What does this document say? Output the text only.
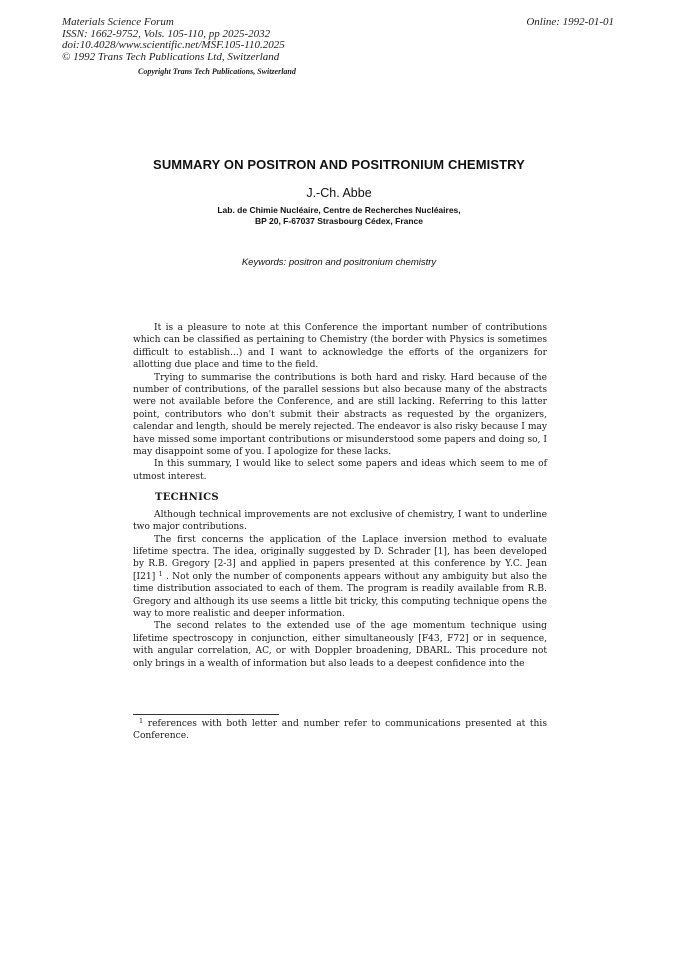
Materials Science Forum
ISSN: 1662-9752, Vols. 105-110, pp 2025-2032
doi:10.4028/www.scientific.net/MSF.105-110.2025
© 1992 Trans Tech Publications Ltd, Switzerland
Online: 1992-01-01
Copyright Trans Tech Publications, Switzerland
SUMMARY ON POSITRON AND POSITRONIUM CHEMISTRY
J.-Ch. Abbe
Lab. de Chimie Nucléaire, Centre de Recherches Nucléaires,
BP 20, F-67037 Strasbourg Cédex, France
Keywords: positron and positronium chemistry

It is a pleasure to note at this Conference the important number of contributions which can be classified as pertaining to Chemistry (the border with Physics is sometimes difficult to establish...) and I want to acknowledge the efforts of the organizers for allotting due place and time to the field.

Trying to summarise the contributions is both hard and risky. Hard because of the number of contributions, of the parallel sessions but also because many of the abstracts were not available before the Conference, and are still lacking. Referring to this latter point, contributors who don't submit their abstracts as requested by the organizers, calendar and length, should be merely rejected. The endeavor is also risky because I may have missed some important contributions or misunderstood some papers and doing so, I may disappoint some of you. I apologize for these lacks.

In this summary, I would like to select some papers and ideas which seem to me of utmost interest.

TECHNICS

Although technical improvements are not exclusive of chemistry, I want to underline two major contributions.

The first concerns the application of the Laplace inversion method to evaluate lifetime spectra. The idea, originally suggested by D. Schrader [1], has been developed by R.B. Gregory [2-3] and applied in papers presented at this conference by Y.C. Jean [I21] $^1$ . Not only the number of components appears without any ambiguity but also the time distribution associated to each of them. The program is readily available from R.B. Gregory and although its use seems a little bit tricky, this computing technique opens the way to more realistic and deeper information.

The second relates to the extended use of the age momentum technique using lifetime spectroscopy in conjunction, either simultaneously [F43, F72] or in sequence, with angular correlation, AC, or with Doppler broadening, DBARL. This procedure not only brings in a wealth of information but also leads to a deepest confidence into the

$^1$ references with both letter and number refer to communications presented at this Conference.
